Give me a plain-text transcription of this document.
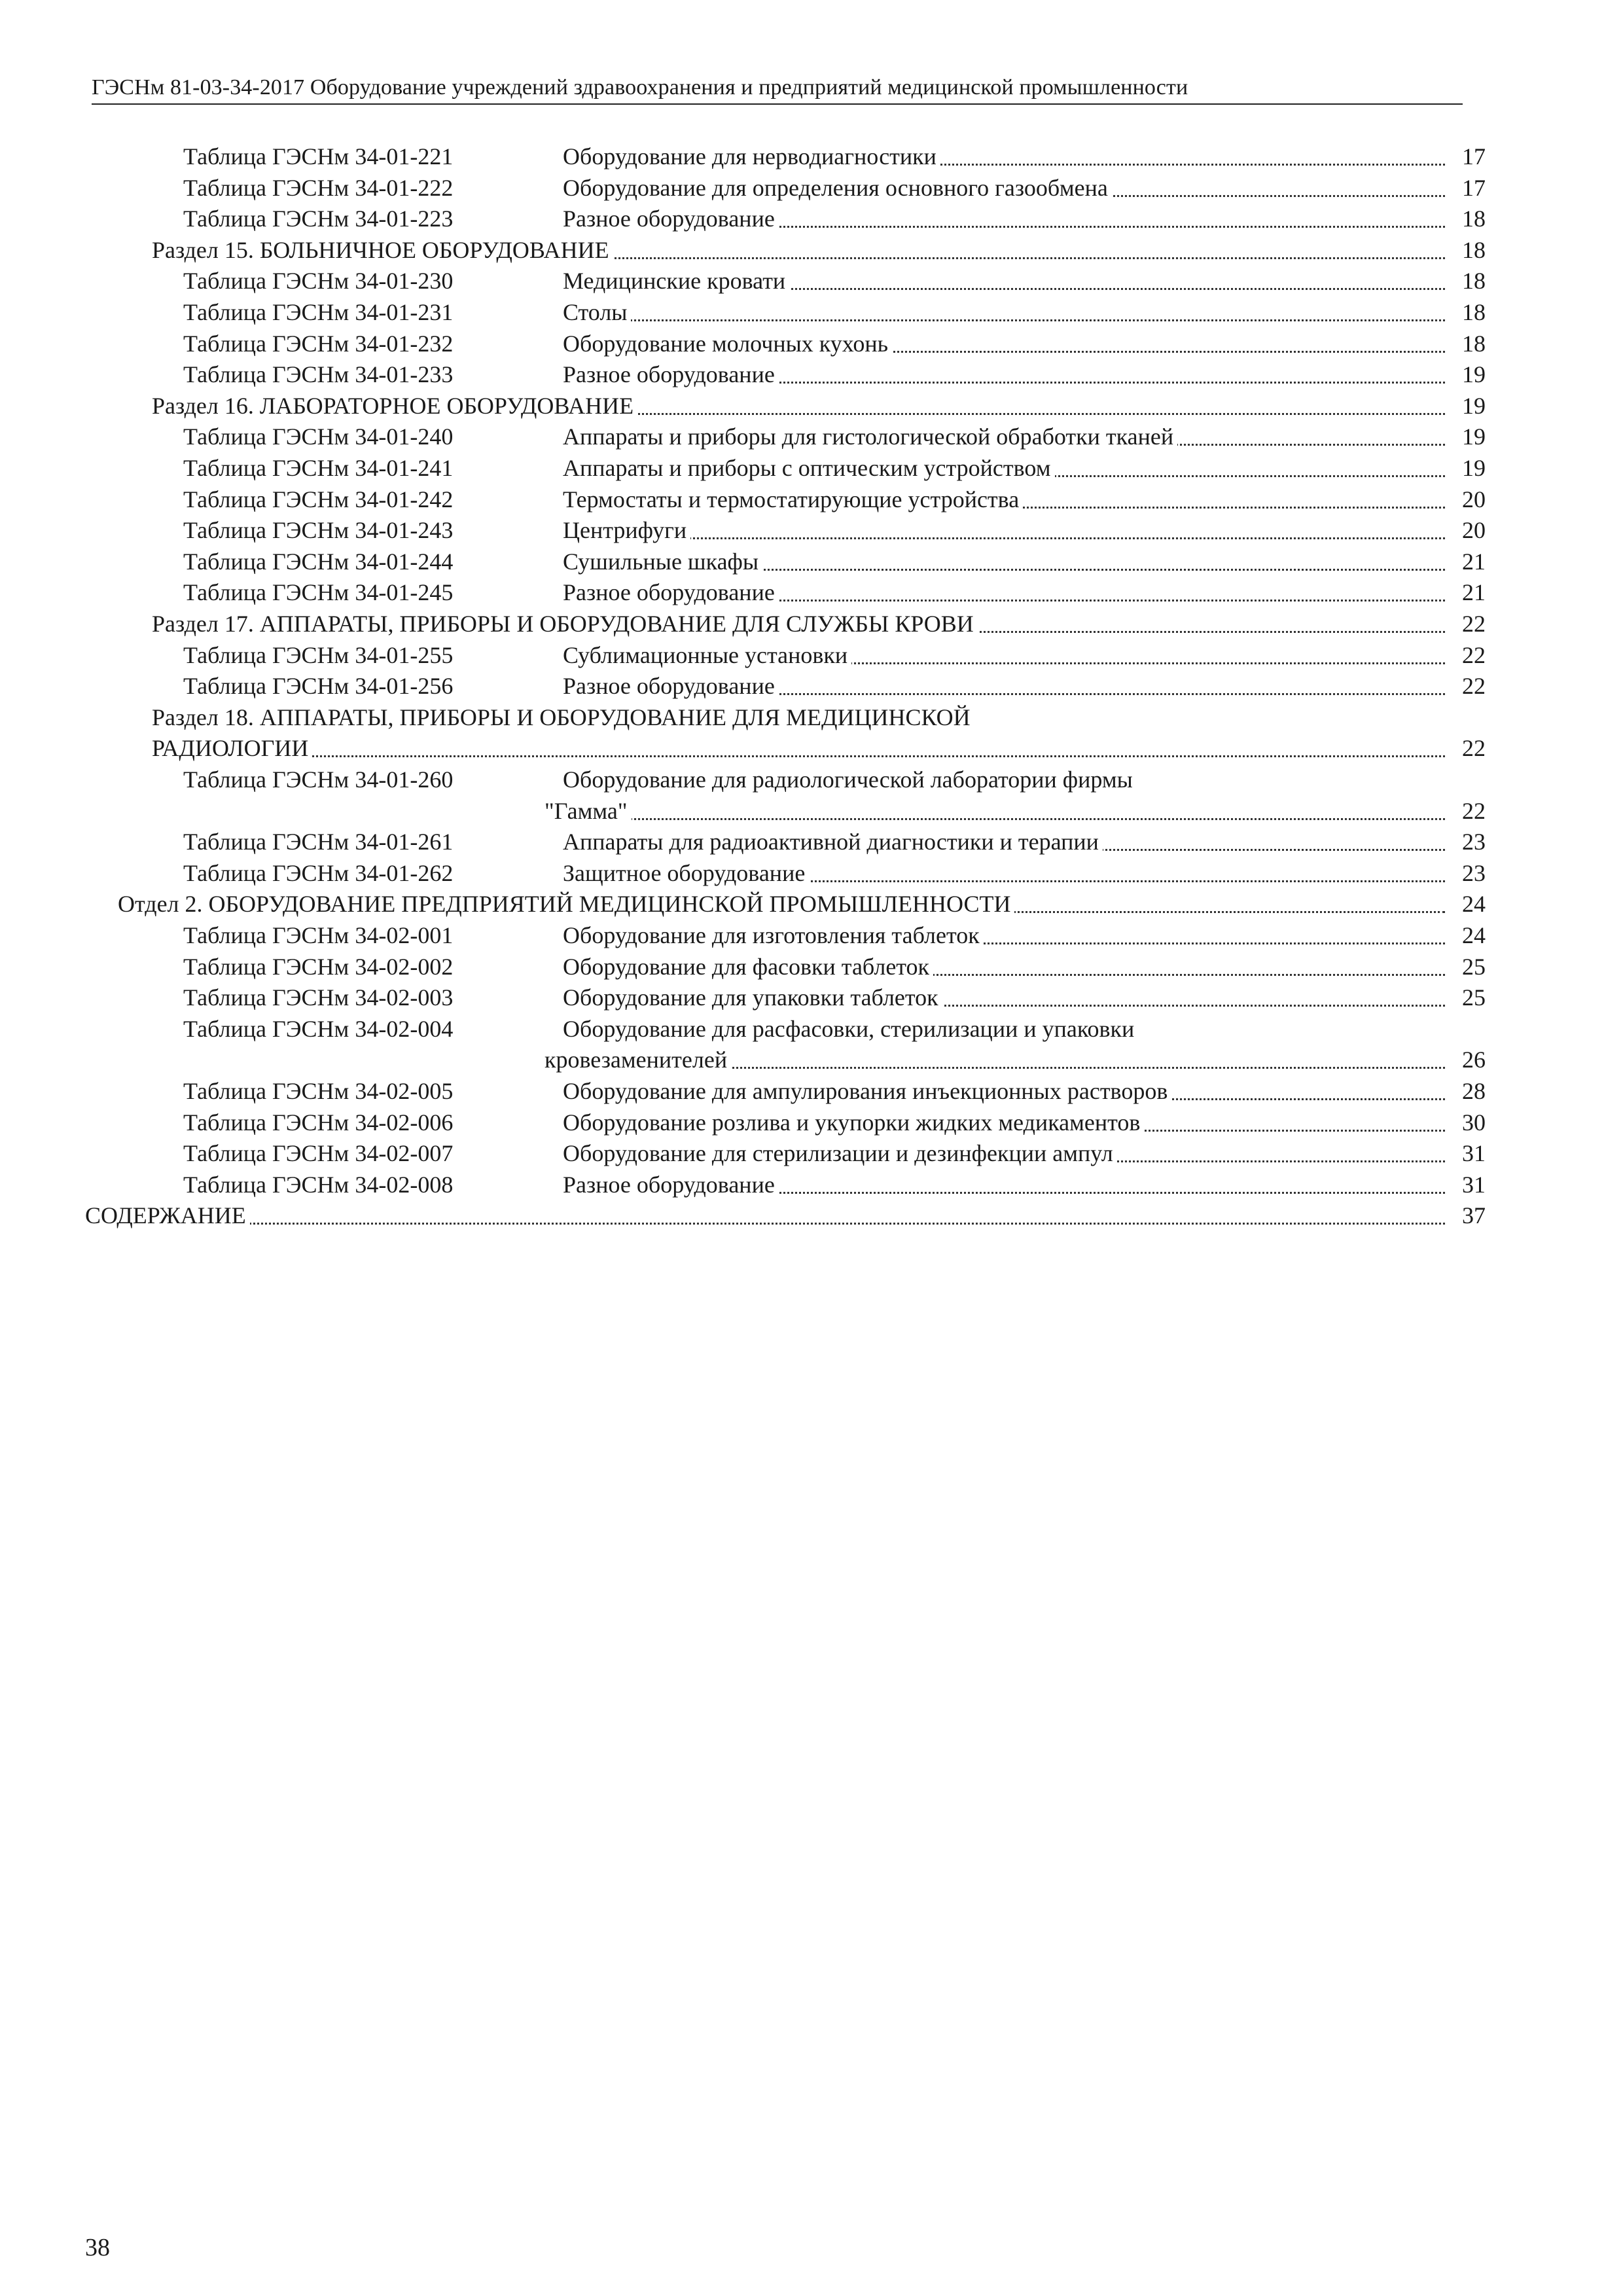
ГЭСНм 81-03-34-2017 Оборудование учреждений здравоохранения и предприятий медицинской промышленности
Таблица ГЭСНм 34-01-221	Оборудование для нерводиагностики	17
Таблица ГЭСНм 34-01-222	Оборудование для определения основного газообмена	17
Таблица ГЭСНм 34-01-223	Разное оборудование	18
Раздел 15. БОЛЬНИЧНОЕ ОБОРУДОВАНИЕ	18
Таблица ГЭСНм 34-01-230	Медицинские кровати	18
Таблица ГЭСНм 34-01-231	Столы	18
Таблица ГЭСНм 34-01-232	Оборудование молочных кухонь	18
Таблица ГЭСНм 34-01-233	Разное оборудование	19
Раздел 16. ЛАБОРАТОРНОЕ ОБОРУДОВАНИЕ	19
Таблица ГЭСНм 34-01-240	Аппараты и приборы для гистологической обработки тканей	19
Таблица ГЭСНм 34-01-241	Аппараты и приборы с оптическим устройством	19
Таблица ГЭСНм 34-01-242	Термостаты и термостатирующие устройства	20
Таблица ГЭСНм 34-01-243	Центрифуги	20
Таблица ГЭСНм 34-01-244	Сушильные шкафы	21
Таблица ГЭСНм 34-01-245	Разное оборудование	21
Раздел 17. АППАРАТЫ, ПРИБОРЫ И ОБОРУДОВАНИЕ ДЛЯ СЛУЖБЫ КРОВИ	22
Таблица ГЭСНм 34-01-255	Сублимационные установки	22
Таблица ГЭСНм 34-01-256	Разное оборудование	22
Раздел 18. АППАРАТЫ, ПРИБОРЫ И ОБОРУДОВАНИЕ ДЛЯ МЕДИЦИНСКОЙ
РАДИОЛОГИИ	22
Таблица ГЭСНм 34-01-260	Оборудование для радиологической лаборатории фирмы
"Гамма"	22
Таблица ГЭСНм 34-01-261	Аппараты для радиоактивной диагностики и терапии	23
Таблица ГЭСНм 34-01-262	Защитное оборудование	23
Отдел 2. ОБОРУДОВАНИЕ ПРЕДПРИЯТИЙ МЕДИЦИНСКОЙ ПРОМЫШЛЕННОСТИ	24
Таблица ГЭСНм 34-02-001	Оборудование для изготовления таблеток	24
Таблица ГЭСНм 34-02-002	Оборудование для фасовки таблеток	25
Таблица ГЭСНм 34-02-003	Оборудование для упаковки таблеток	25
Таблица ГЭСНм 34-02-004	Оборудование для расфасовки, стерилизации и упаковки
кровезаменителей	26
Таблица ГЭСНм 34-02-005	Оборудование для ампулирования инъекционных растворов	28
Таблица ГЭСНм 34-02-006	Оборудование розлива и укупорки жидких медикаментов	30
Таблица ГЭСНм 34-02-007	Оборудование для стерилизации и дезинфекции ампул	31
Таблица ГЭСНм 34-02-008	Разное оборудование	31
СОДЕРЖАНИЕ	37
38
